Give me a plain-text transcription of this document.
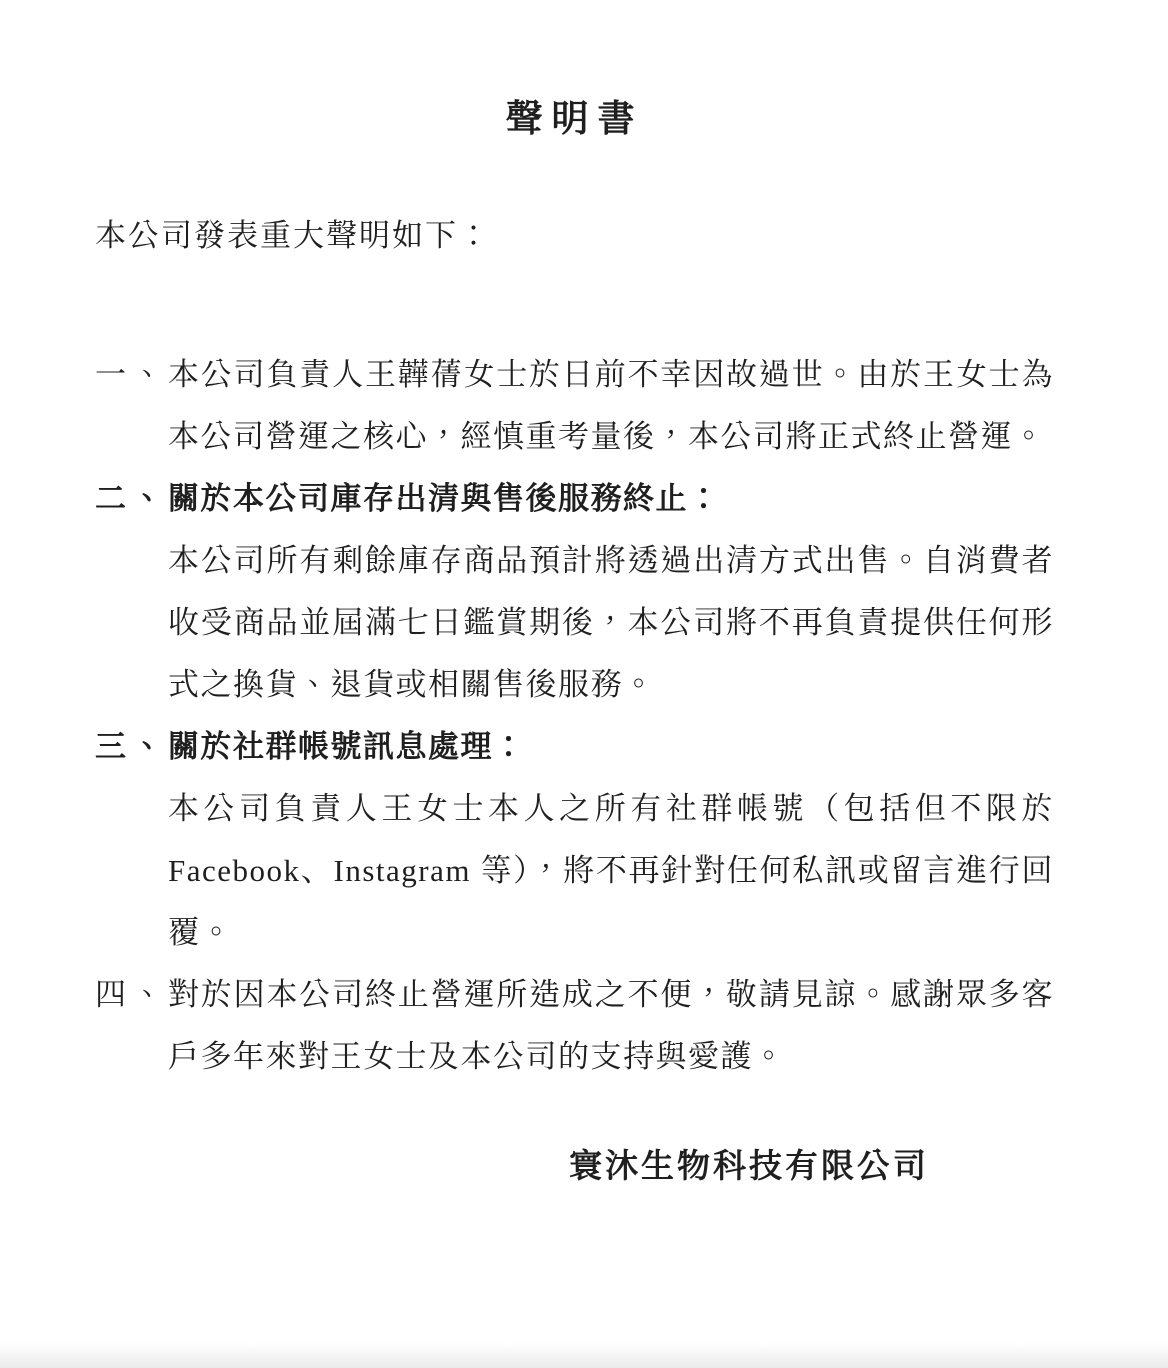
聲明書

本公司發表重大聲明如下：

一、 本公司負責人王韡蒨女士於日前不幸因故過世。由於王女士為本公司營運之核心，經慎重考量後，本公司將正式終止營運。

二、 關於本公司庫存出清與售後服務終止：

本公司所有剩餘庫存商品預計將透過出清方式出售。自消費者收受商品並屆滿七日鑑賞期後，本公司將不再負責提供任何形式之換貨、退貨或相關售後服務。

三、 關於社群帳號訊息處理：

本公司負責人王女士本人之所有社群帳號（包括但不限於 Facebook、Instagram 等），將不再針對任何私訊或留言進行回覆。

四、 對於因本公司終止營運所造成之不便，敬請見諒。感謝眾多客戶多年來對王女士及本公司的支持與愛護。

寰沐生物科技有限公司
